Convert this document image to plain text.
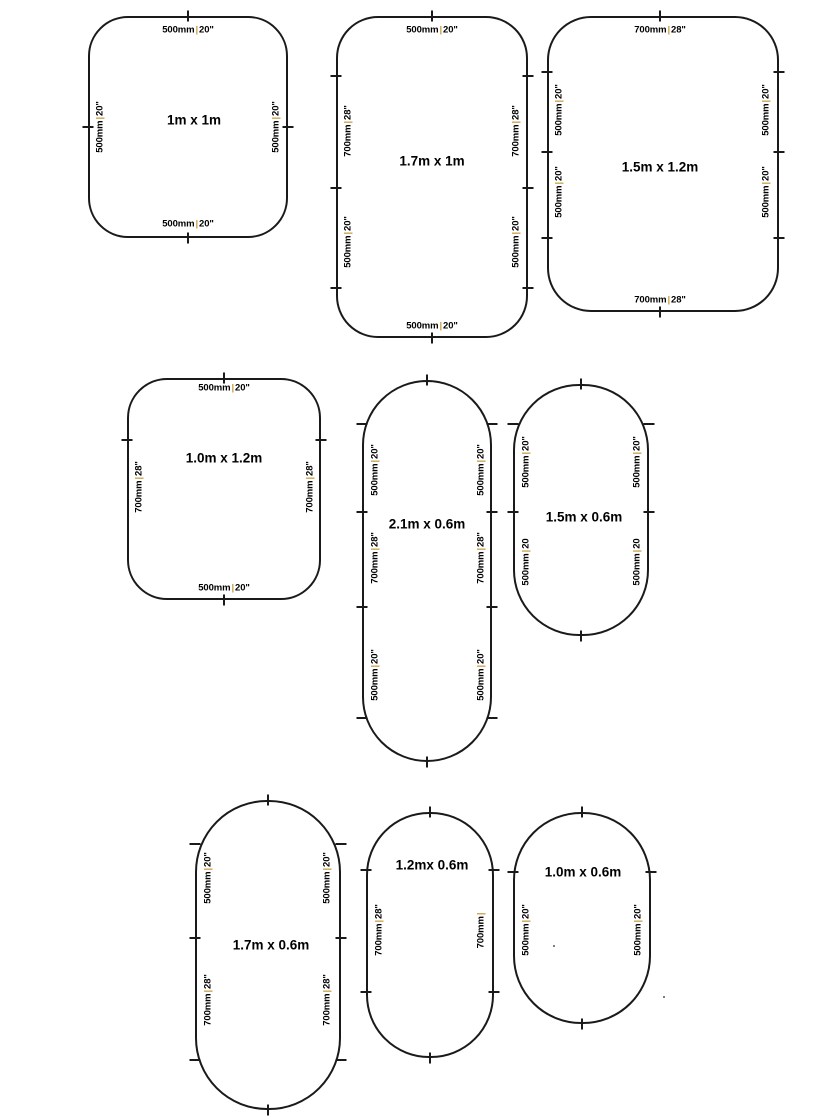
500mm|20"
500mm|20"
500mm|20"
500mm|20"
500mm|20"
500mm|20"
700mm|28"
500mm|20"
700mm|28"
500mm|20"
700mm|28"
700mm|28"
500mm|20"
500mm|20"
500mm|20"
500mm|20"
500mm|20"
500mm|20"
700mm|28"
700mm|28"	500mm|20"
700mm|28"
500mm|20"
500mm|20"
700mm|28"
500mm|20"
500mm|20"
500mm|20
500mm|20"
500mm|20
500mm|20"
700mm|28"
500mm|20"
700mm|28"
700mm|28"
700mm|
500mm|20"
500mm|20"
1m x 1m
1.7m x 1m	1.5m x 1.2m
1.0m x 1.2m
2.1m x 0.6m	1.5m x 0.6m
1.7m x 0.6m
1.2mx 0.6m	1.0m x 0.6m
